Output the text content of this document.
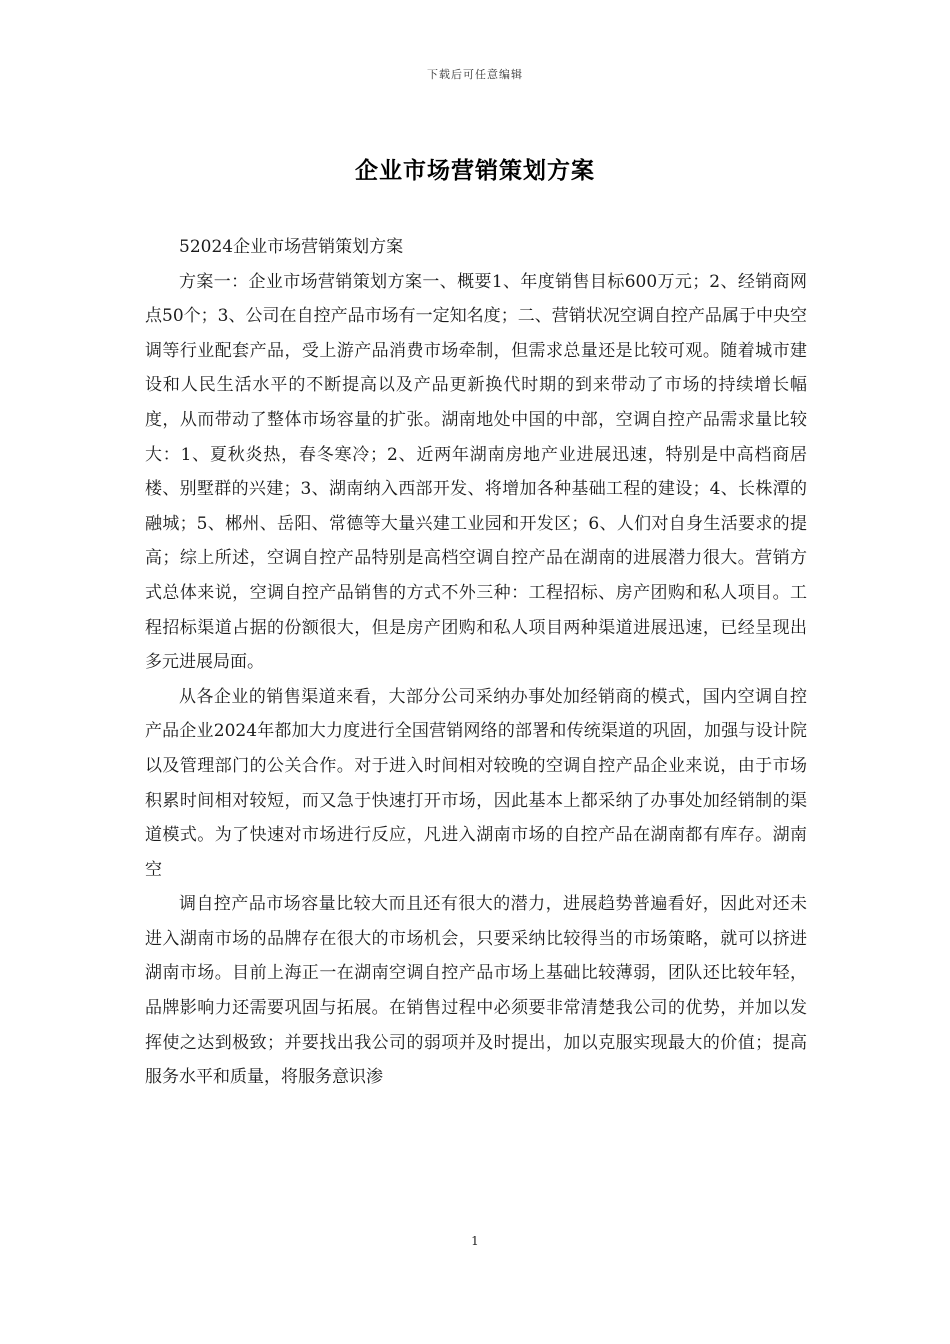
下载后可任意编辑
企业市场营销策划方案

52024企业市场营销策划方案

方案一：企业市场营销策划方案一、概要1、年度销售目标600万元；2、经销商网点50个；3、公司在自控产品市场有一定知名度；二、营销状况空调自控产品属于中央空调等行业配套产品，受上游产品消费市场牵制，但需求总量还是比较可观。随着城市建设和人民生活水平的不断提高以及产品更新换代时期的到来带动了市场的持续增长幅度，从而带动了整体市场容量的扩张。湖南地处中国的中部，空调自控产品需求量比较大：1、夏秋炎热，春冬寒冷；2、近两年湖南房地产业进展迅速，特别是中高档商居楼、别墅群的兴建；3、湖南纳入西部开发、将增加各种基础工程的建设；4、长株潭的融城；5、郴州、岳阳、常德等大量兴建工业园和开发区；6、人们对自身生活要求的提高；综上所述，空调自控产品特别是高档空调自控产品在湖南的进展潜力很大。营销方式总体来说，空调自控产品销售的方式不外三种：工程招标、房产团购和私人项目。工程招标渠道占据的份额很大，但是房产团购和私人项目两种渠道进展迅速，已经呈现出多元进展局面。

从各企业的销售渠道来看，大部分公司采纳办事处加经销商的模式，国内空调自控产品企业2024年都加大力度进行全国营销网络的部署和传统渠道的巩固，加强与设计院以及管理部门的公关合作。对于进入时间相对较晚的空调自控产品企业来说，由于市场积累时间相对较短，而又急于快速打开市场，因此基本上都采纳了办事处加经销制的渠道模式。为了快速对市场进行反应，凡进入湖南市场的自控产品在湖南都有库存。湖南空

调自控产品市场容量比较大而且还有很大的潜力，进展趋势普遍看好，因此对还未进入湖南市场的品牌存在很大的市场机会，只要采纳比较得当的市场策略，就可以挤进湖南市场。目前上海正一在湖南空调自控产品市场上基础比较薄弱，团队还比较年轻，品牌影响力还需要巩固与拓展。在销售过程中必须要非常清楚我公司的优势，并加以发挥使之达到极致；并要找出我公司的弱项并及时提出，加以克服实现最大的价值；提高服务水平和质量，将服务意识渗

1
